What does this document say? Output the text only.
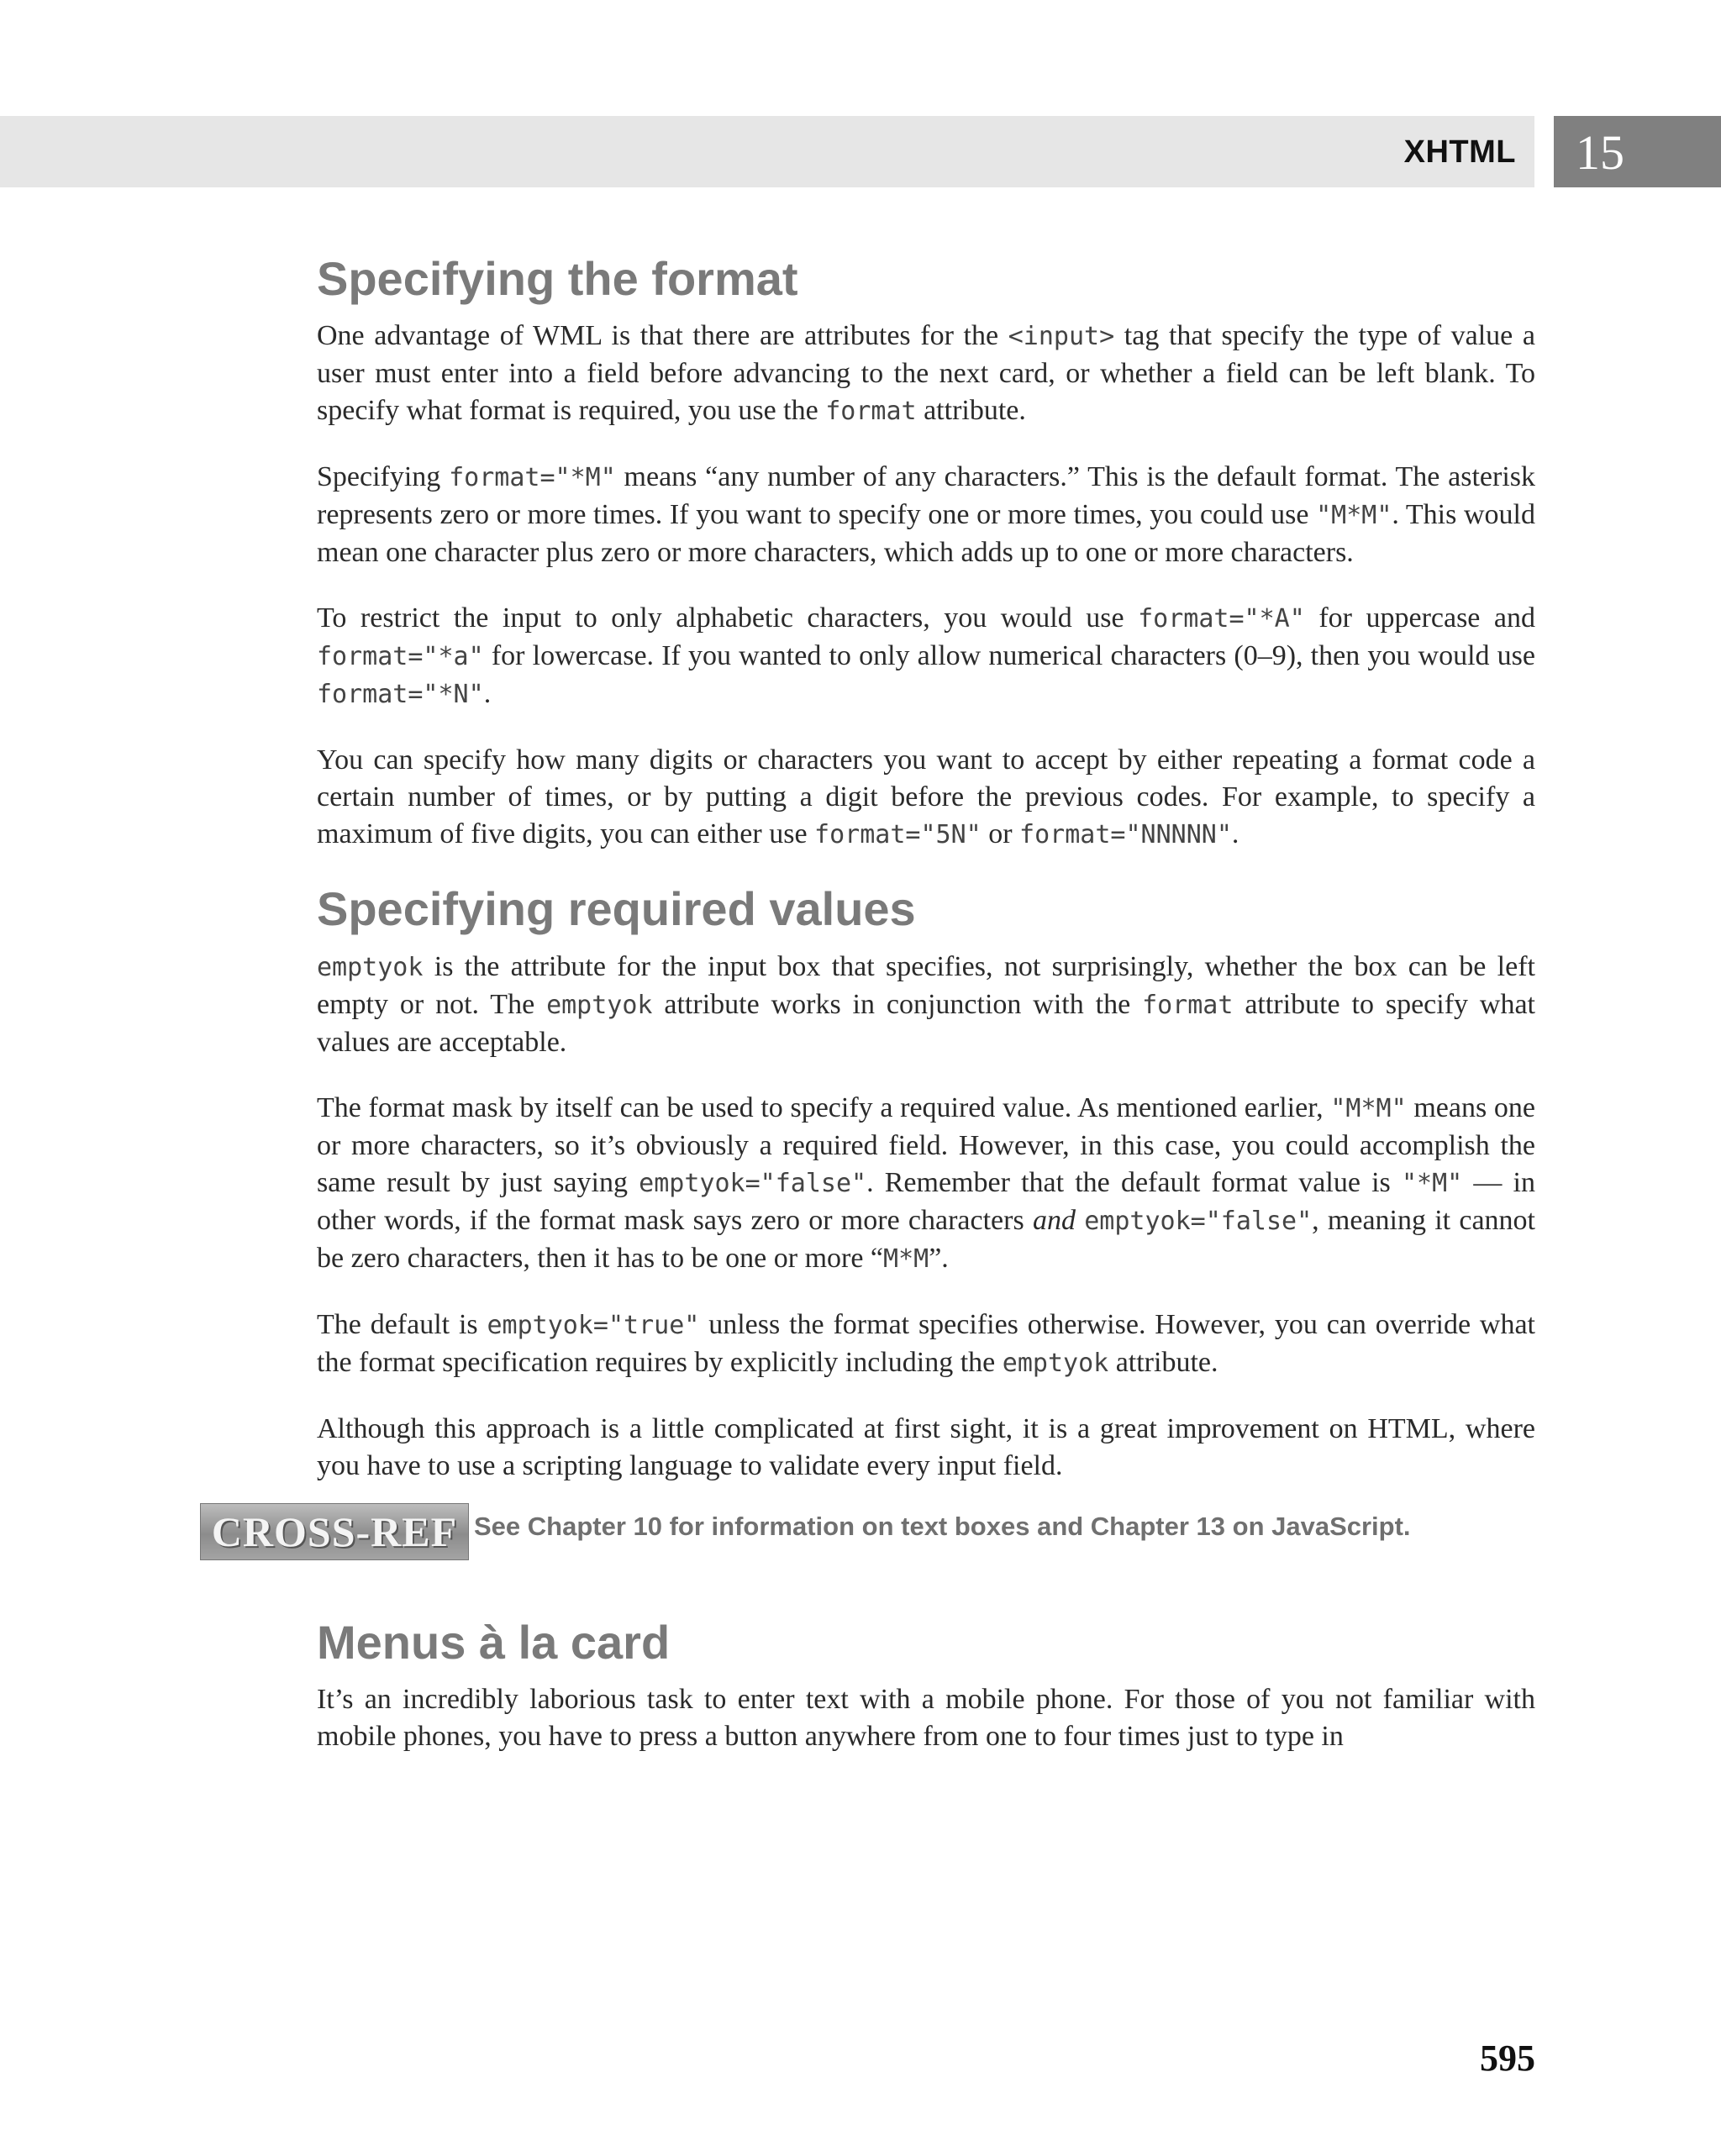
XHTML 15
Specifying the format

One advantage of WML is that there are attributes for the <input> tag that specify the type of value a user must enter into a field before advancing to the next card, or whether a field can be left blank. To specify what format is required, you use the format attribute.

Specifying format="*M" means “any number of any characters.” This is the default format. The asterisk represents zero or more times. If you want to specify one or more times, you could use "M*M". This would mean one character plus zero or more characters, which adds up to one or more characters.

To restrict the input to only alphabetic characters, you would use format="*A" for uppercase and format="*a" for lowercase. If you wanted to only allow numerical characters (0–9), then you would use format="*N".

You can specify how many digits or characters you want to accept by either repeating a format code a certain number of times, or by putting a digit before the previous codes. For example, to specify a maximum of five digits, you can either use format="5N" or format="NNNNN".

Specifying required values

emptyok is the attribute for the input box that specifies, not surprisingly, whether the box can be left empty or not. The emptyok attribute works in conjunction with the format attribute to specify what values are acceptable.

The format mask by itself can be used to specify a required value. As mentioned earlier, "M*M" means one or more characters, so it’s obviously a required field. However, in this case, you could accomplish the same result by just saying emptyok="false". Remember that the default format value is "*M" — in other words, if the format mask says zero or more characters and emptyok="false", meaning it cannot be zero characters, then it has to be one or more “M*M”.

The default is emptyok="true" unless the format specifies otherwise. However, you can override what the format specification requires by explicitly including the emptyok attribute.

Although this approach is a little complicated at first sight, it is a great improvement on HTML, where you have to use a scripting language to validate every input field.

CROSS-REF See Chapter 10 for information on text boxes and Chapter 13 on JavaScript.
Menus à la card

It’s an incredibly laborious task to enter text with a mobile phone. For those of you not familiar with mobile phones, you have to press a button anywhere from one to four times just to type in

595
